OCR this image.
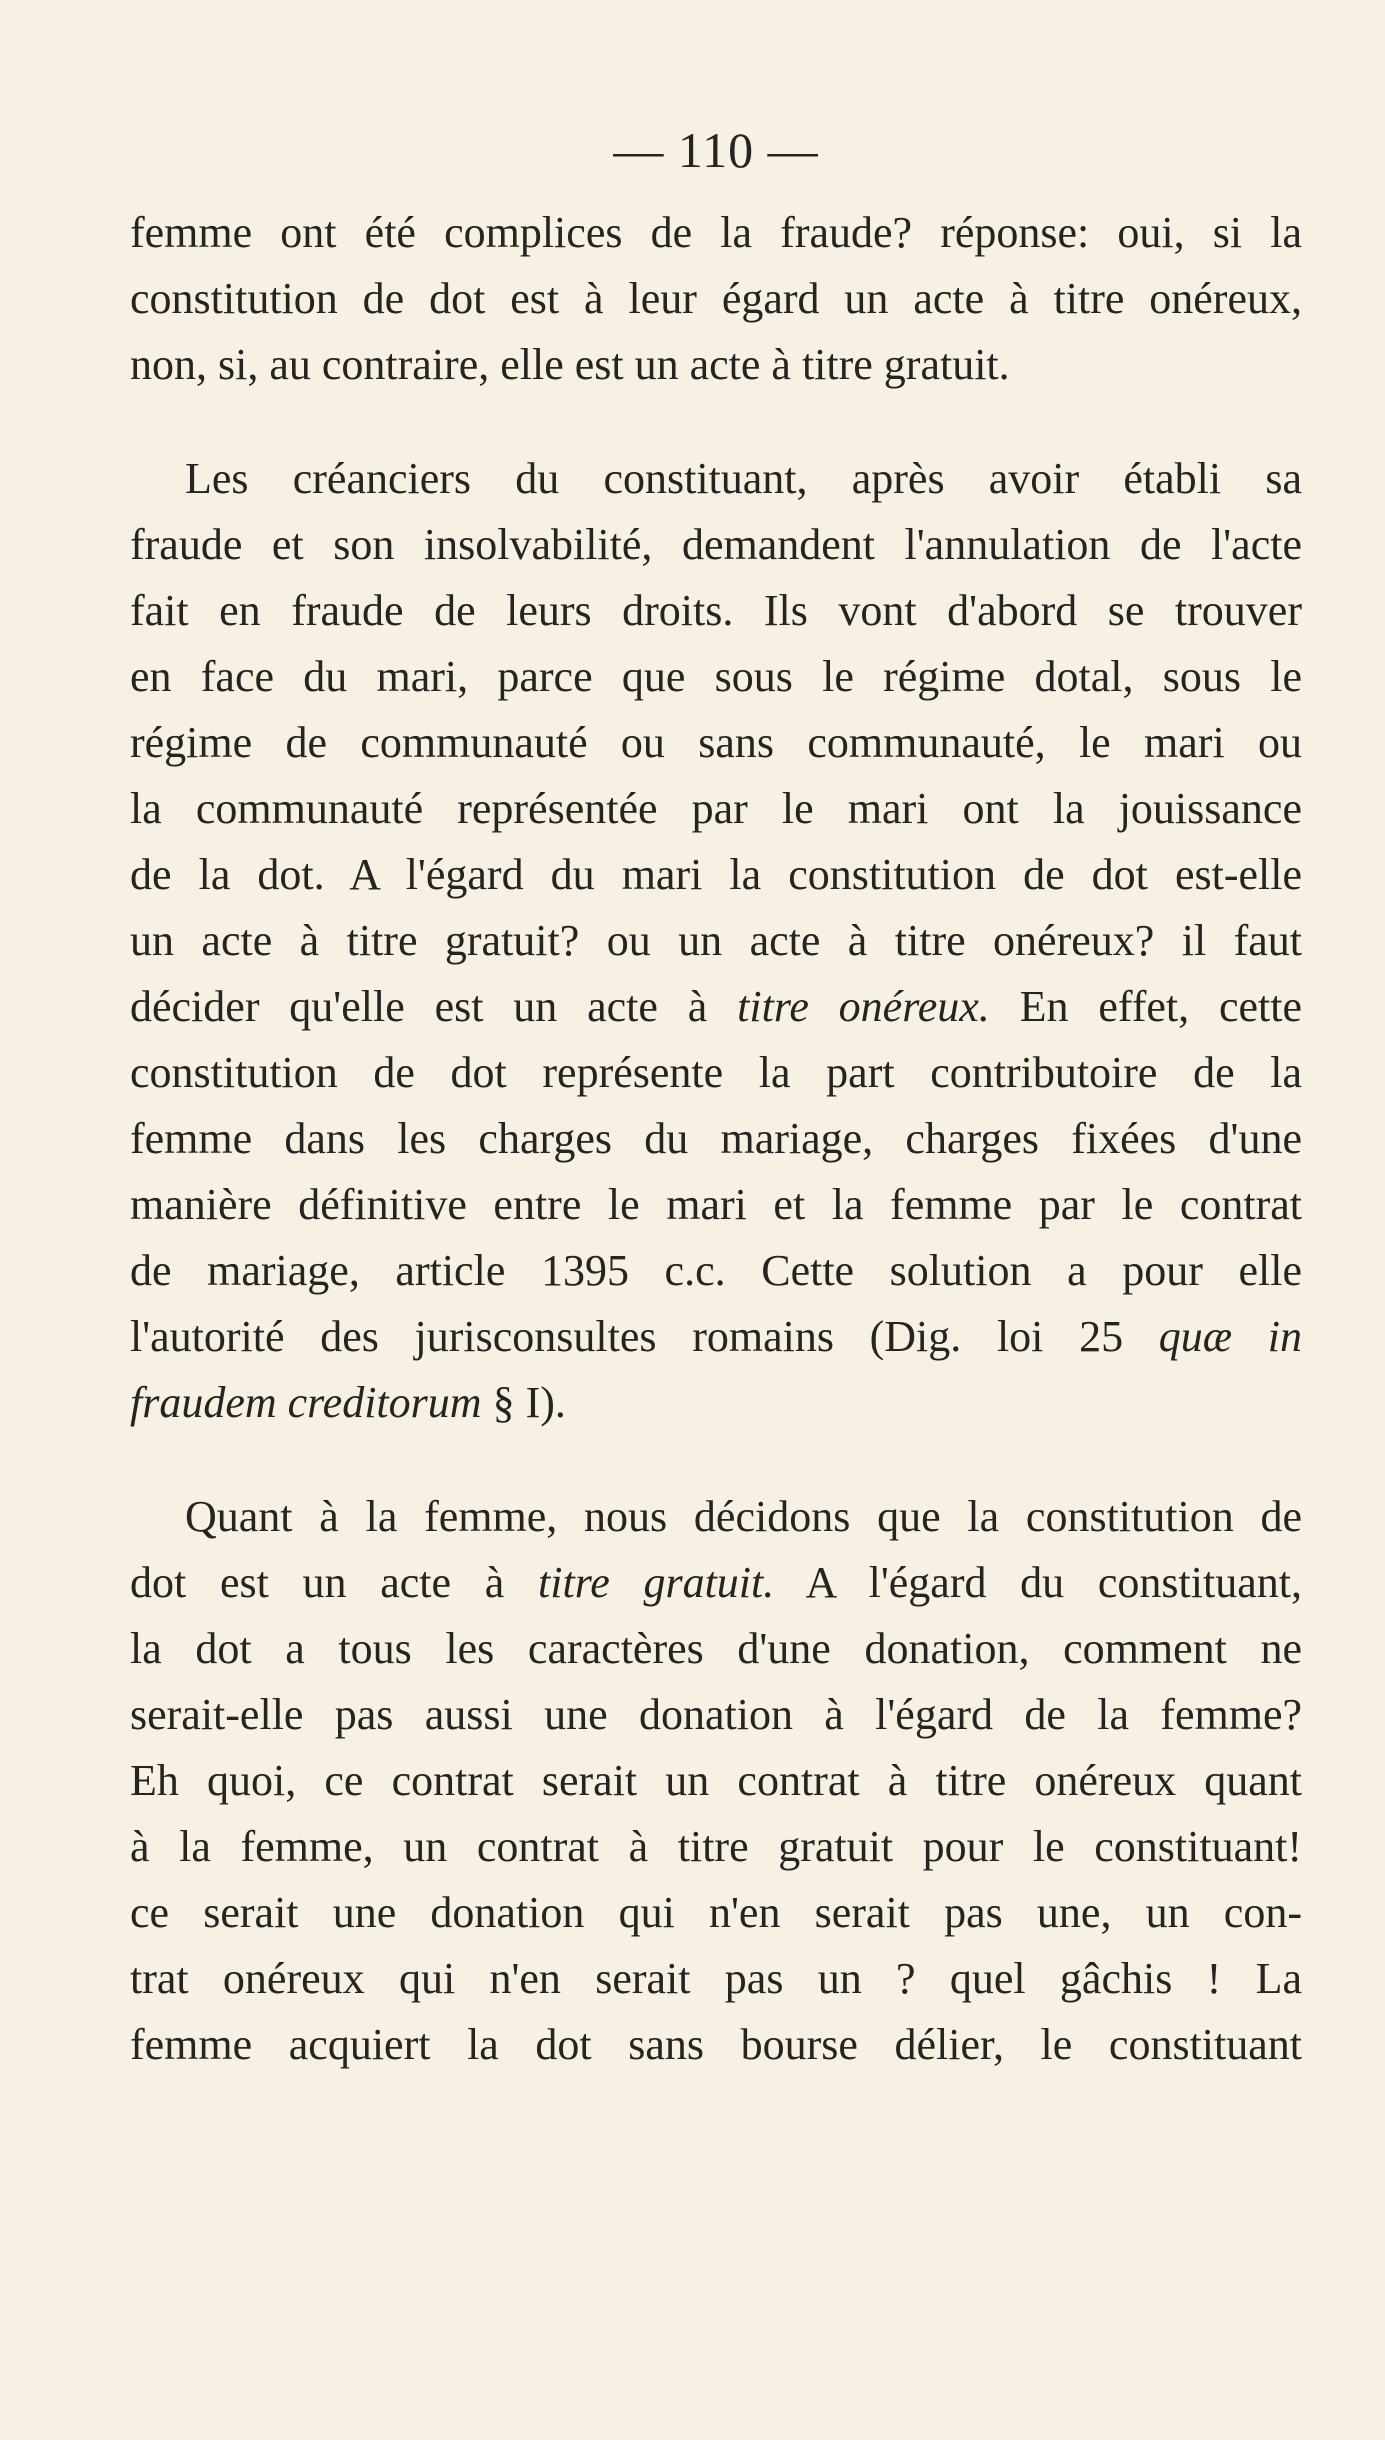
— 110 —
femme ont été complices de la fraude? réponse: oui, si la
constitution de dot est à leur égard un acte à titre onéreux,
non, si, au contraire, elle est un acte à titre gratuit.
Les créanciers du constituant, après avoir établi sa
fraude et son insolvabilité, demandent l'annulation de l'acte
fait en fraude de leurs droits. Ils vont d'abord se trouver
en face du mari, parce que sous le régime dotal, sous le
régime de communauté ou sans communauté, le mari ou
la communauté représentée par le mari ont la jouissance
de la dot. A l'égard du mari la constitution de dot est-elle
un acte à titre gratuit? ou un acte à titre onéreux? il faut
décider qu'elle est un acte à titre onéreux. En effet, cette
constitution de dot représente la part contributoire de la
femme dans les charges du mariage, charges fixées d'une
manière définitive entre le mari et la femme par le contrat
de mariage, article 1395 c.c. Cette solution a pour elle
l'autorité des jurisconsultes romains (Dig. loi 25 quæ in
fraudem creditorum § I).
Quant à la femme, nous décidons que la constitution de
dot est un acte à titre gratuit. A l'égard du constituant,
la dot a tous les caractères d'une donation, comment ne
serait-elle pas aussi une donation à l'égard de la femme?
Eh quoi, ce contrat serait un contrat à titre onéreux quant
à la femme, un contrat à titre gratuit pour le constituant!
ce serait une donation qui n'en serait pas une, un con-
trat onéreux qui n'en serait pas un ? quel gâchis ! La
femme acquiert la dot sans bourse délier, le constituant
